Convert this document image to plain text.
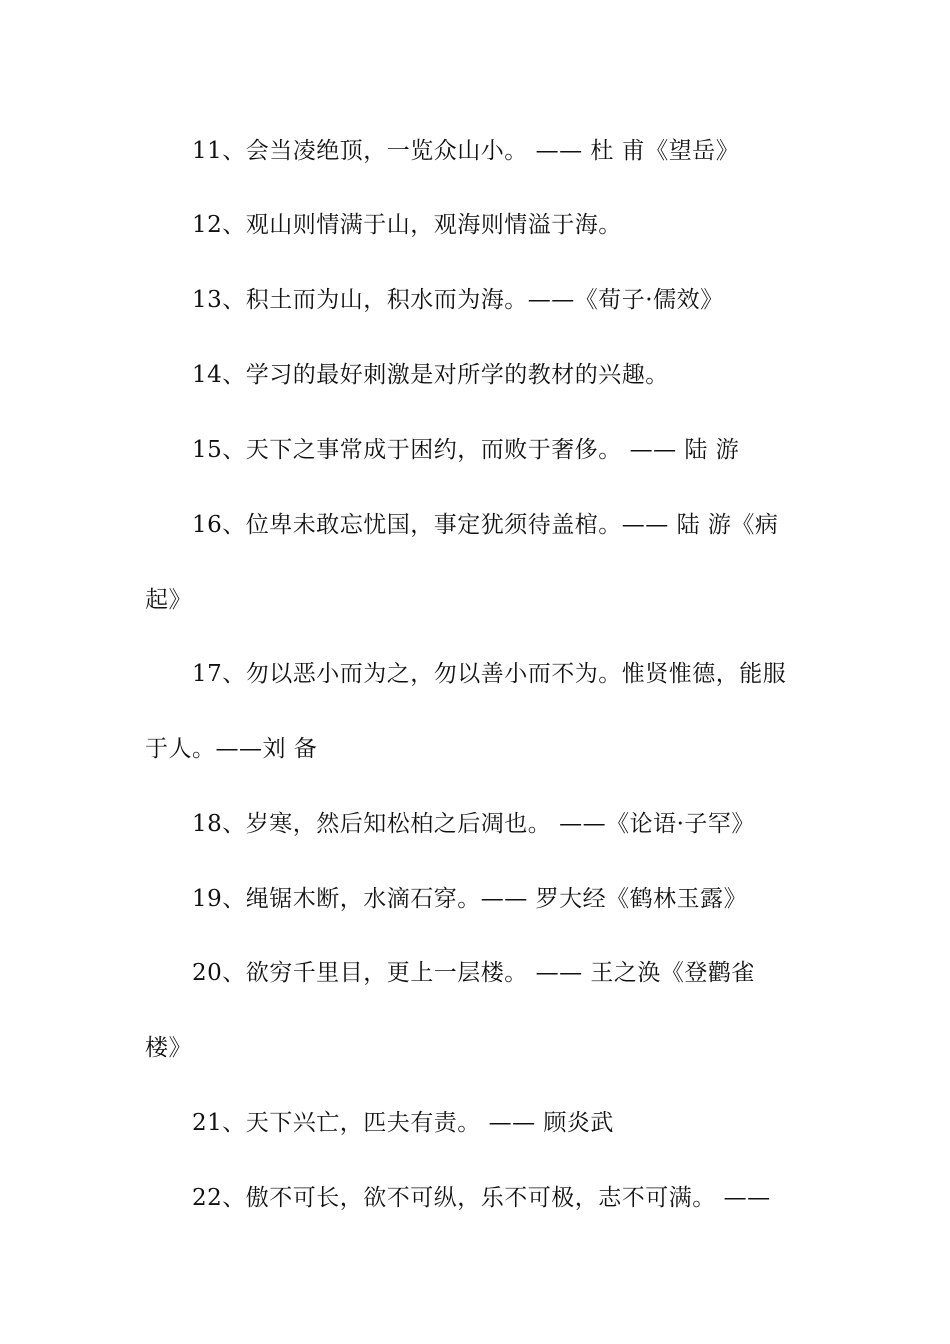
11、会当凌绝顶，一览众山小。 —— 杜 甫《望岳》
12、观山则情满于山，观海则情溢于海。
13、积土而为山，积水而为海。——《荀子·儒效》
14、学习的最好刺激是对所学的教材的兴趣。
15、天下之事常成于困约，而败于奢侈。 —— 陆 游
16、位卑未敢忘忧国，事定犹须待盖棺。—— 陆 游《病
起》
17、勿以恶小而为之，勿以善小而不为。惟贤惟德，能服
于人。——刘 备
18、岁寒，然后知松柏之后凋也。 ——《论语·子罕》
19、绳锯木断，水滴石穿。—— 罗大经《鹤林玉露》
20、欲穷千里目，更上一层楼。 —— 王之涣《登鹳雀
楼》
21、天下兴亡，匹夫有责。 —— 顾炎武
22、傲不可长，欲不可纵，乐不可极，志不可满。 ——
